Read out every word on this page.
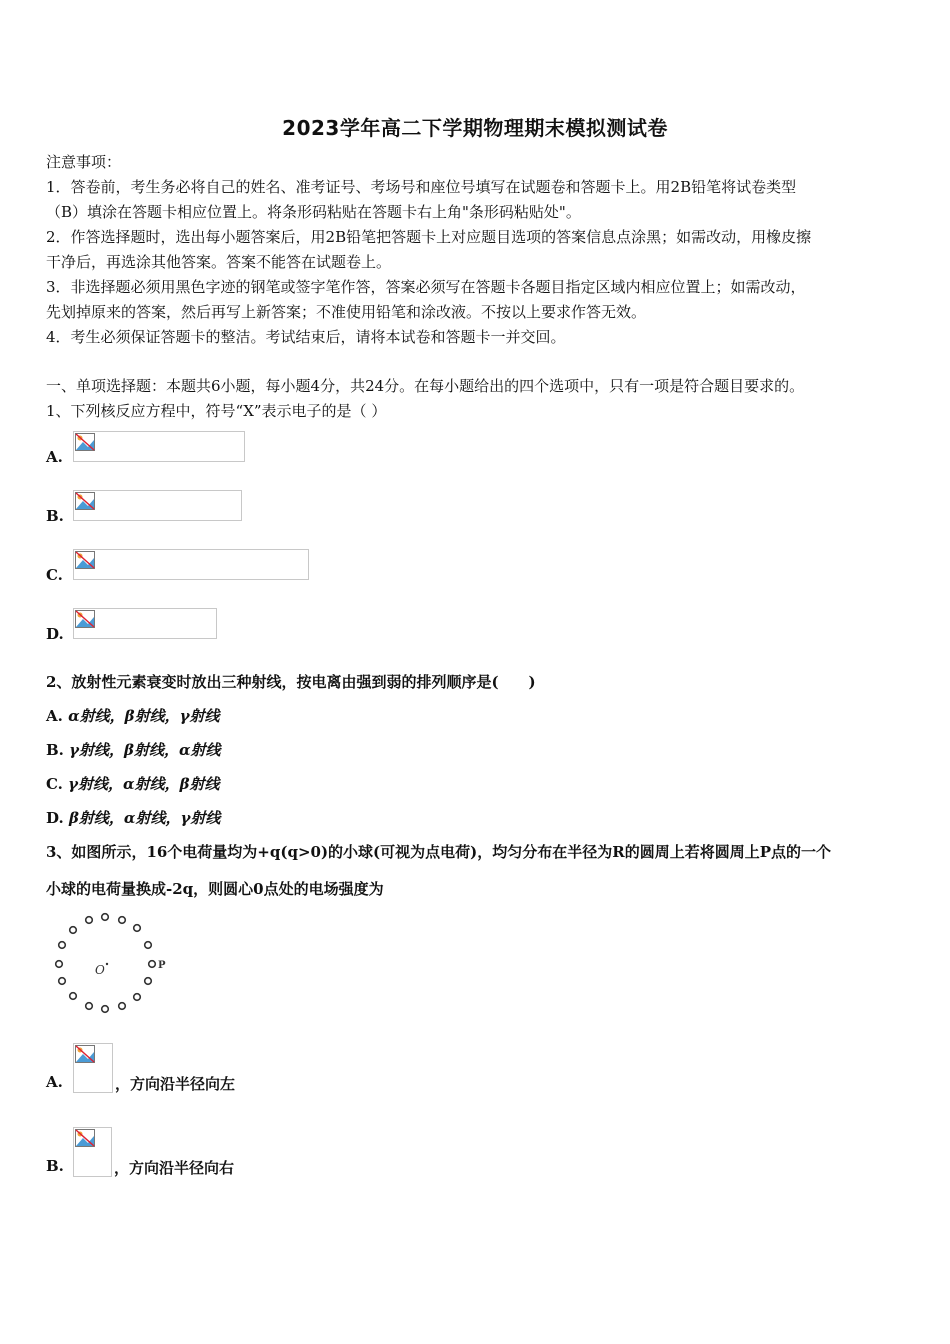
2023学年高二下学期物理期末模拟测试卷
注意事项：
1．答卷前，考生务必将自己的姓名、准考证号、考场号和座位号填写在试题卷和答题卡上。用2B铅笔将试卷类型
（B）填涂在答题卡相应位置上。将条形码粘贴在答题卡右上角"条形码粘贴处"。
2．作答选择题时，选出每小题答案后，用2B铅笔把答题卡上对应题目选项的答案信息点涂黑；如需改动，用橡皮擦
干净后，再选涂其他答案。答案不能答在试题卷上。
3．非选择题必须用黑色字迹的钢笔或签字笔作答，答案必须写在答题卡各题目指定区域内相应位置上；如需改动，
先划掉原来的答案，然后再写上新答案；不准使用铅笔和涂改液。不按以上要求作答无效。
4．考生必须保证答题卡的整洁。考试结束后，请将本试卷和答题卡一并交回。
一、单项选择题：本题共6小题，每小题4分，共24分。在每小题给出的四个选项中，只有一项是符合题目要求的。
1、下列核反应方程中，符号“X”表示电子的是（ ）
A.
B.
C.
D.
2、放射性元素衰变时放出三种射线，按电离由强到弱的排列顺序是(　　)
A. α射线，β射线，γ射线
B. γ射线，β射线，α射线
C. γ射线，α射线，β射线
D. β射线，α射线，γ射线
3、如图所示，16个电荷量均为+q(q>0)的小球(可视为点电荷)，均匀分布在半径为R的圆周上若将圆周上P点的一个
小球的电荷量换成-2q，则圆心0点处的电场强度为
O	P
A.	，方向沿半径向左
B.	，方向沿半径向右
